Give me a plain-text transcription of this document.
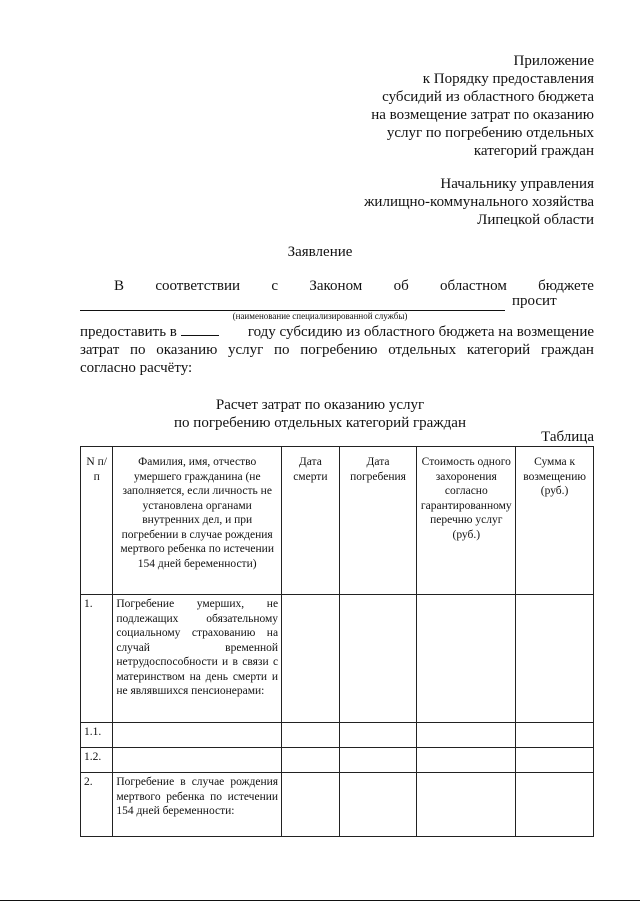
Приложение
к Порядку предоставления
субсидий из областного бюджета
на возмещение затрат по оказанию
услуг по погребению отдельных
категорий граждан
Начальнику управления
жилищно-коммунального хозяйства
Липецкой области
Заявление
В соответствии с Законом об областном бюджете
просит
(наименование специализированной службы)
предоставить в	году субсидию из областного бюджета на возмещение
затрат по оказанию услуг по погребению отдельных категорий граждан
согласно расчёту:
Расчет затрат по оказанию услуг
по погребению отдельных категорий граждан
Таблица
N п/п	Фамилия, имя, отчество умершего гражданина (не заполняется, если личность не установлена органами внутренних дел, и при погребении в случае рождения мертвого ребенка по истечении 154 дней беременности)	Дата смерти	Дата погребения	Стоимость одного захоронения согласно гарантированному перечню услуг (руб.)	Сумма к возмещению (руб.)
1.	Погребение умерших, не подлежащих обязательному социальному страхованию на случай временной нетрудоспособности и в связи с материнством на день смерти и не являвшихся пенсионерами:				
1.1.					
1.2.					
2.	Погребение в случае рождения мертвого ребенка по истечении 154 дней беременности:				
